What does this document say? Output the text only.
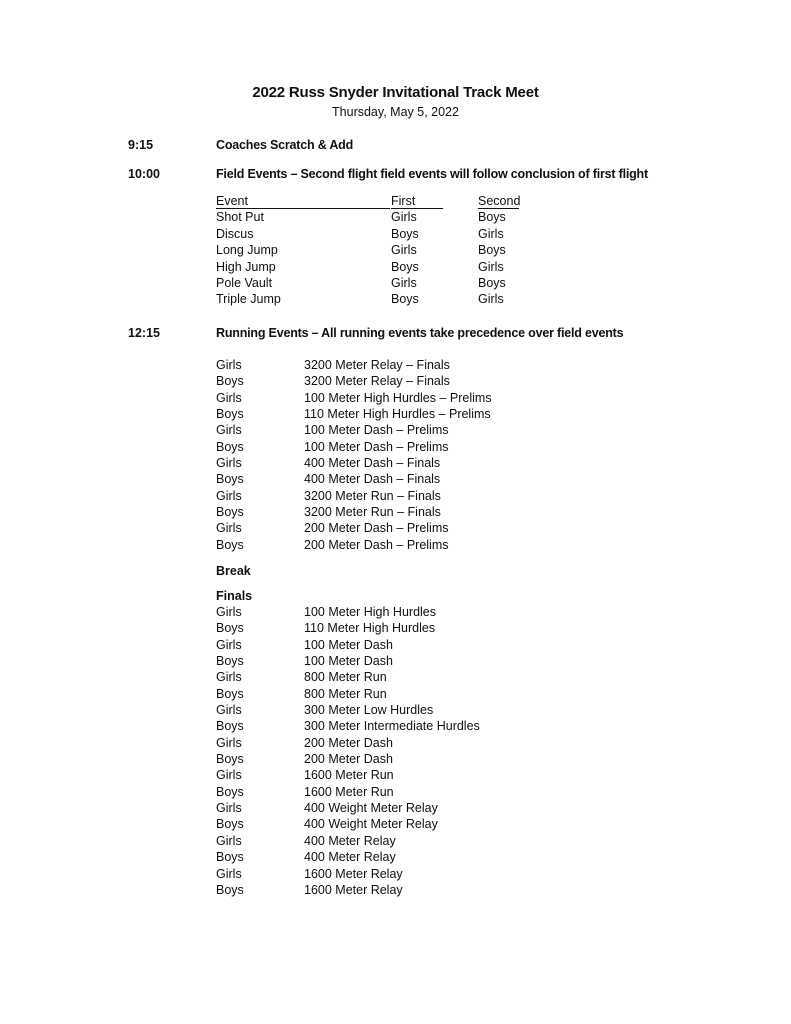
2022 Russ Snyder Invitational Track Meet
Thursday, May 5, 2022
9:15	Coaches Scratch & Add
10:00	Field Events – Second flight field events will follow conclusion of first flight
Event	First	Second
Shot Put	Girls	Boys
Discus	Boys	Girls
Long Jump	Girls	Boys
High Jump	Boys	Girls
Pole Vault	Girls	Boys
Triple Jump	Boys	Girls
12:15	Running Events – All running events take precedence over field events
Girls	3200 Meter Relay – Finals
Boys	3200 Meter Relay – Finals
Girls	100 Meter High Hurdles – Prelims
Boys	110 Meter High Hurdles – Prelims
Girls	100 Meter Dash – Prelims
Boys	100 Meter Dash – Prelims
Girls	400 Meter Dash – Finals
Boys	400 Meter Dash – Finals
Girls	3200 Meter Run – Finals
Boys	3200 Meter Run – Finals
Girls	200 Meter Dash – Prelims
Boys	200 Meter Dash – Prelims
Break
Finals
Girls	100 Meter High Hurdles
Boys	110 Meter High Hurdles
Girls	100 Meter Dash
Boys	100 Meter Dash
Girls	800 Meter Run
Boys	800 Meter Run
Girls	300 Meter Low Hurdles
Boys	300 Meter Intermediate Hurdles
Girls	200 Meter Dash
Boys	200 Meter Dash
Girls	1600 Meter Run
Boys	1600 Meter Run
Girls	400 Weight Meter Relay
Boys	400 Weight Meter Relay
Girls	400 Meter Relay
Boys	400 Meter Relay
Girls	1600 Meter Relay
Boys	1600 Meter Relay
